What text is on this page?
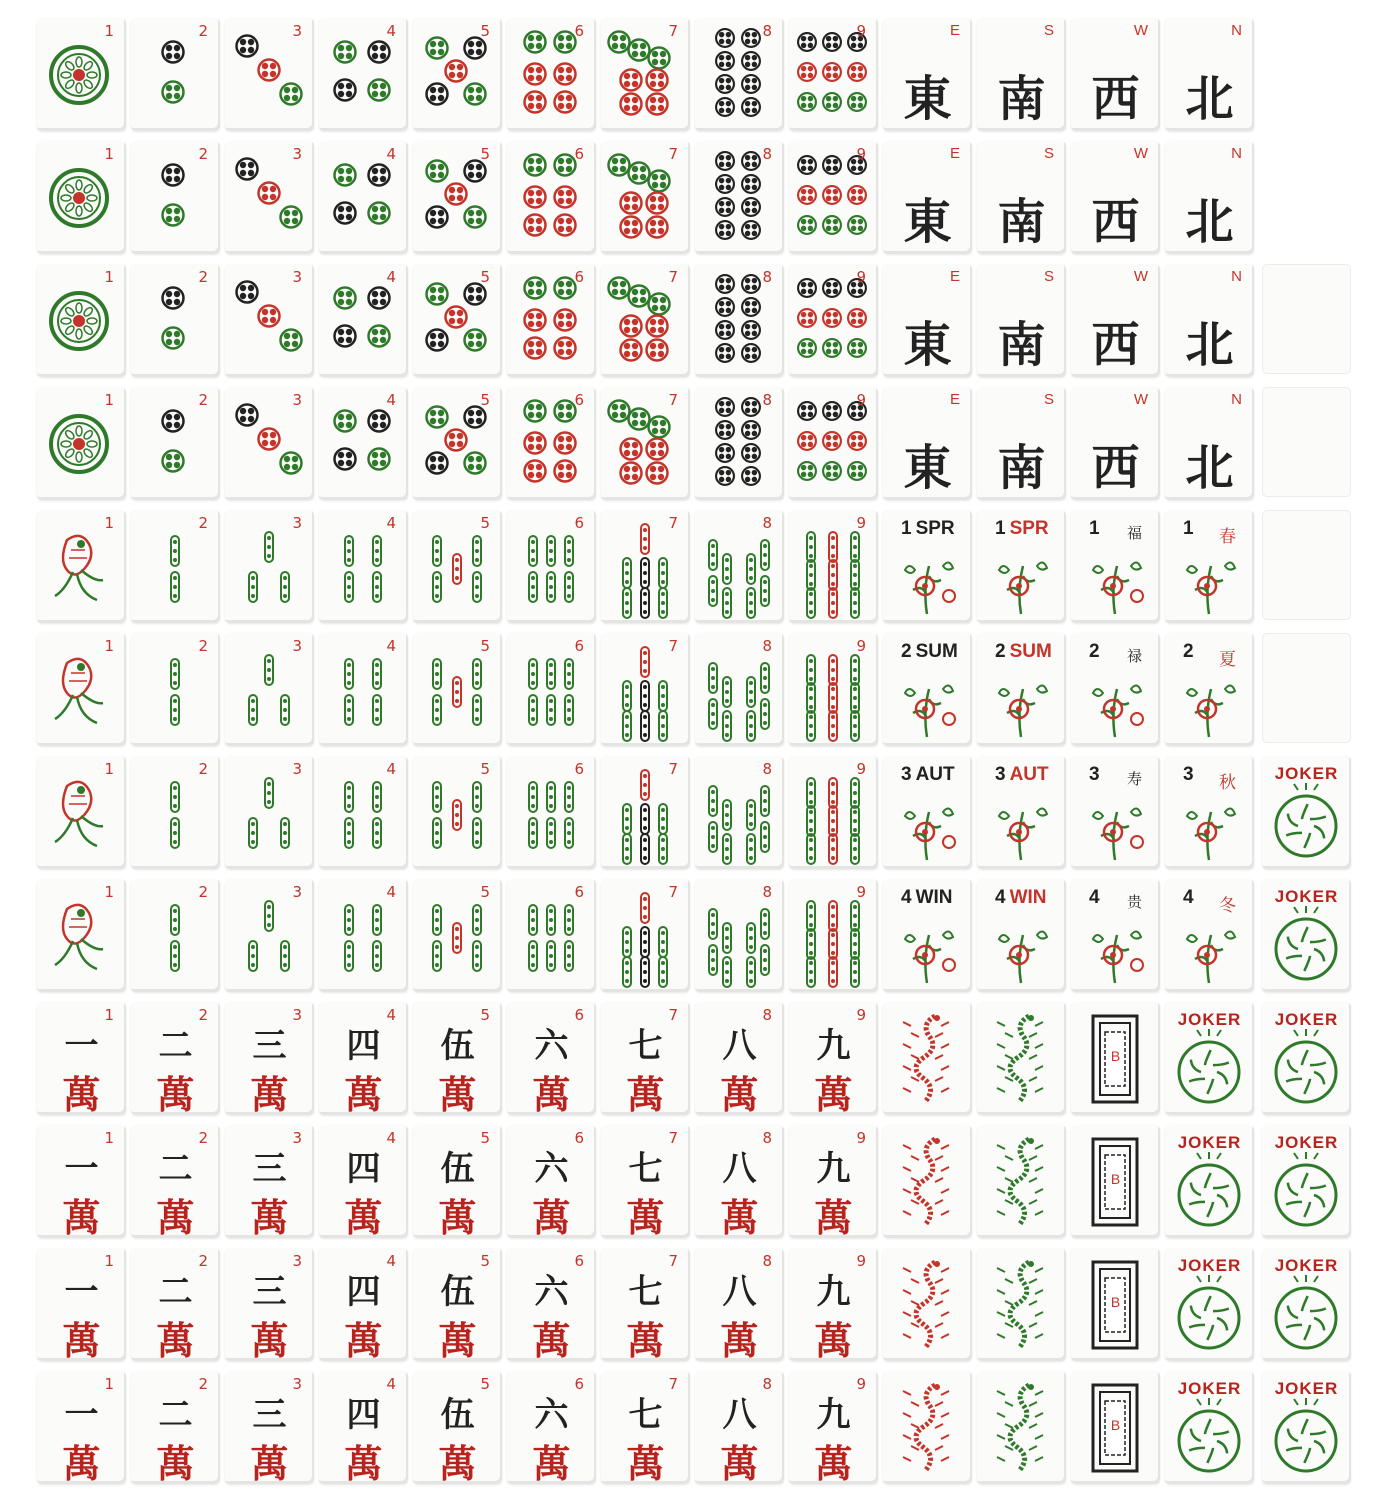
1	2	3	4	5	6	7	8	9
東
E
南
S
西
W
北
N
1	2	3	4	5	6	7	8	9
東
E
南
S
西
W
北
N
1	2	3	4	5	6	7	8	9
東
E
南
S
西
W
北
N
1	2	3	4	5	6	7	8	9
東
E
南
S
西
W
北
N
1	2	3	4	5	6	7	8	9 1 SPR 1 SPR 1 福 1 春
1	2	3	4	5	6	7	8	9 2 SUM 2 SUM 2 禄 2 夏
1	2	3	4	5	6	7	8	9 3 AUT 3 AUT 3 寿 3 秋	JOKER
1	2	3	4	5	6	7	8	9 4 WIN 4 WIN 4 贵 4 冬	JOKER
一
萬
1
二
萬
2
三
萬
3
四
萬
4
伍
萬
5
六
萬
6
七
萬
7
八
萬
8
九
萬
9
B
JOKER	JOKER
一
萬
1
二
萬
2
三
萬
3
四
萬
4
伍
萬
5
六
萬
6
七
萬
7
八
萬
8
九
萬
9
B
JOKER	JOKER
一
萬
1
二
萬
2
三
萬
3
四
萬
4
伍
萬
5
六
萬
6
七
萬
7
八
萬
8
九
萬
9
B
JOKER	JOKER
一
萬
1
二
萬
2
三
萬
3
四
萬
4
伍
萬
5
六
萬
6
七
萬
7
八
萬
8
九
萬
9
B
JOKER	JOKER
